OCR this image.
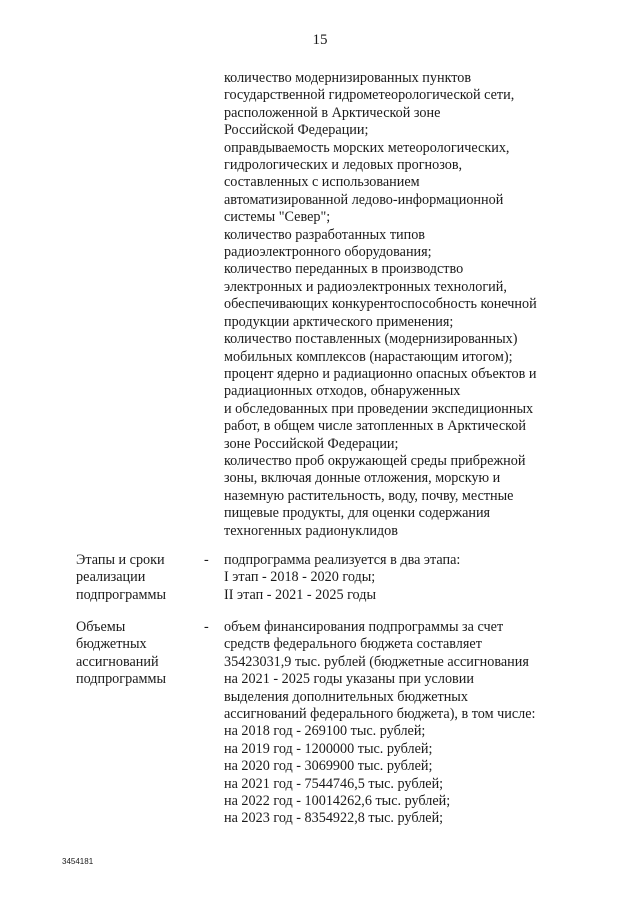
15
количество модернизированных пунктов
государственной гидрометеорологической сети,
расположенной в Арктической зоне
Российской Федерации;
оправдываемость морских метеорологических,
гидрологических и ледовых прогнозов,
составленных с использованием
автоматизированной ледово-информационной
системы "Север";
количество разработанных типов
радиоэлектронного оборудования;
количество переданных в производство
электронных и радиоэлектронных технологий,
обеспечивающих конкурентоспособность конечной
продукции арктического применения;
количество поставленных (модернизированных)
мобильных комплексов (нарастающим итогом);
процент ядерно и радиационно опасных объектов и
радиационных отходов, обнаруженных
и обследованных при проведении экспедиционных
работ, в общем числе затопленных в Арктической
зоне Российской Федерации;
количество проб окружающей среды прибрежной
зоны, включая донные отложения, морскую и
наземную растительность, воду, почву, местные
пищевые продукты, для оценки содержания
техногенных радионуклидов
Этапы и сроки
реализации
подпрограммы
- подпрограмма реализуется в два этапа:
I этап - 2018 - 2020 годы;
II этап - 2021 - 2025 годы
Объемы
бюджетных
ассигнований
подпрограммы
- объем финансирования подпрограммы за счет
средств федерального бюджета составляет
35423031,9 тыс. рублей (бюджетные ассигнования
на 2021 - 2025 годы указаны при условии
выделения дополнительных бюджетных
ассигнований федерального бюджета), в том числе:
на 2018 год - 269100 тыс. рублей;
на 2019 год - 1200000 тыс. рублей;
на 2020 год - 3069900 тыс. рублей;
на 2021 год - 7544746,5 тыс. рублей;
на 2022 год - 10014262,6 тыс. рублей;
на 2023 год - 8354922,8 тыс. рублей;
3454181
